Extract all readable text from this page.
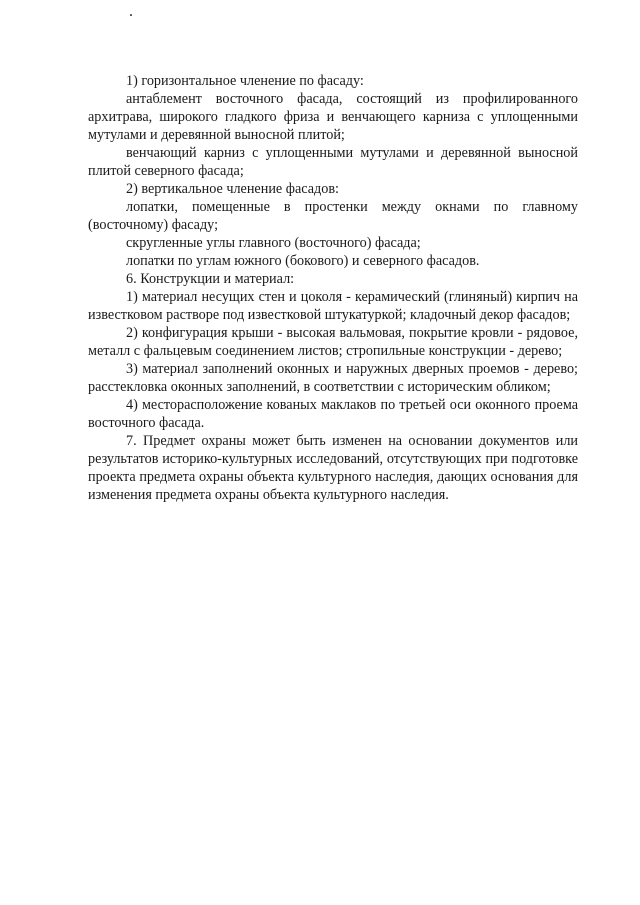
.

1) горизонтальное членение по фасаду:

антаблемент восточного фасада, состоящий из профилированного архитрава, широкого гладкого фриза и венчающего карниза с уплощенными мутулами и деревянной выносной плитой;

венчающий карниз с уплощенными мутулами и деревянной выносной плитой северного фасада;

2) вертикальное членение фасадов:

лопатки, помещенные в простенки между окнами по главному (восточному) фасаду;

скругленные углы главного (восточного) фасада;

лопатки по углам южного (бокового) и северного фасадов.

6. Конструкции и материал:

1) материал несущих стен и цоколя - керамический (глиняный) кирпич на известковом растворе под известковой штукатуркой; кладочный декор фасадов;

2) конфигурация крыши - высокая вальмовая, покрытие кровли - рядовое, металл с фальцевым соединением листов; стропильные конструкции - дерево;

3) материал заполнений оконных и наружных дверных проемов - дерево; расстекловка оконных заполнений, в соответствии с историческим обликом;

4) месторасположение кованых маклаков по третьей оси оконного проема восточного фасада.

7. Предмет охраны может быть изменен на основании документов или результатов историко-культурных исследований, отсутствующих при подготовке проекта предмета охраны объекта культурного наследия, дающих основания для изменения предмета охраны объекта культурного наследия.
